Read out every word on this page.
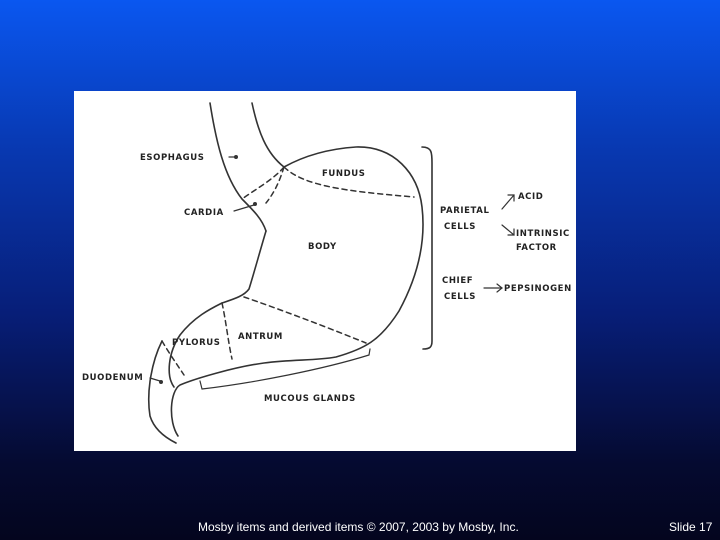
ESOPHAGUS
CARDIA
FUNDUS
BODY
PYLORUS
ANTRUM
DUODENUM
MUCOUS GLANDS
PARIETAL
CELLS
CHIEF
CELLS
ACID
INTRINSIC
FACTOR
PEPSINOGEN
Mosby items and derived items © 2007, 2003 by Mosby, Inc.	Slide 17
